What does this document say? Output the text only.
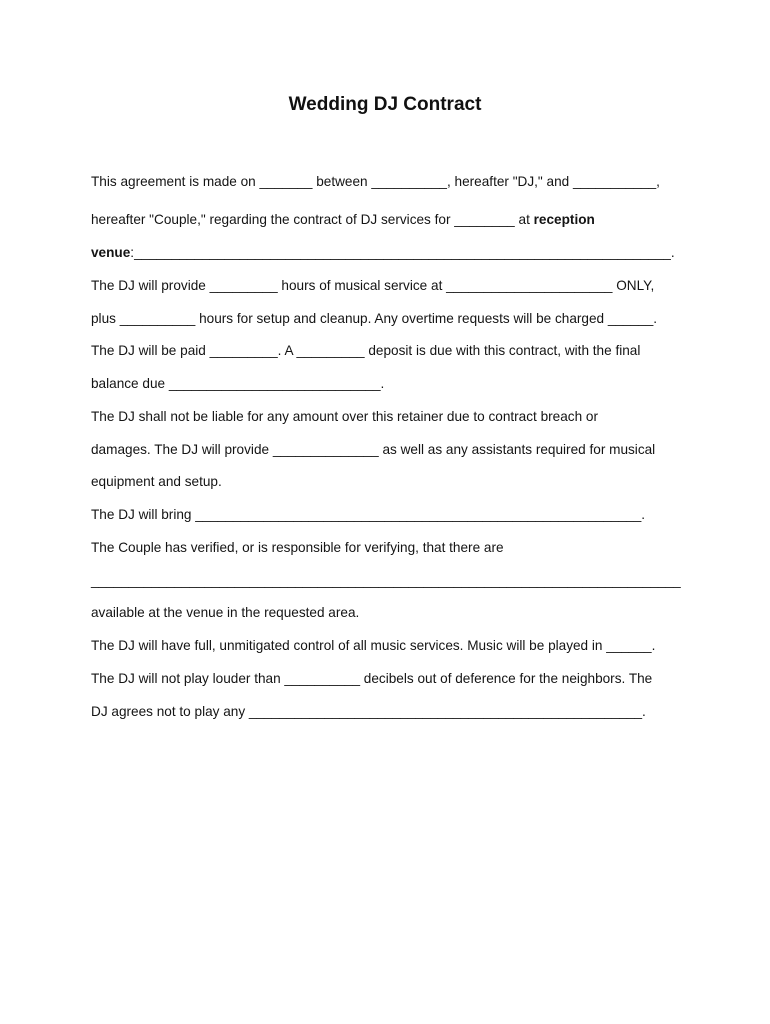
Wedding DJ Contract
This agreement is made on _______ between __________, hereafter "DJ," and ___________,
hereafter "Couple," regarding the contract of DJ services for ________ at reception
venue:_______________________________________________________________________.
The DJ will provide _________ hours of musical service at ______________________ ONLY,
plus __________ hours for setup and cleanup. Any overtime requests will be charged ______.
The DJ will be paid _________. A _________ deposit is due with this contract, with the final
balance due ____________________________.
The DJ shall not be liable for any amount over this retainer due to contract breach or
damages. The DJ will provide ______________ as well as any assistants required for musical
equipment and setup.
The DJ will bring ___________________________________________________________.
The Couple has verified, or is responsible for verifying, that there are
______________________________________________________________________________
available at the venue in the requested area.
The DJ will have full, unmitigated control of all music services. Music will be played in ______.
The DJ will not play louder than __________ decibels out of deference for the neighbors. The
DJ agrees not to play any ____________________________________________________.
